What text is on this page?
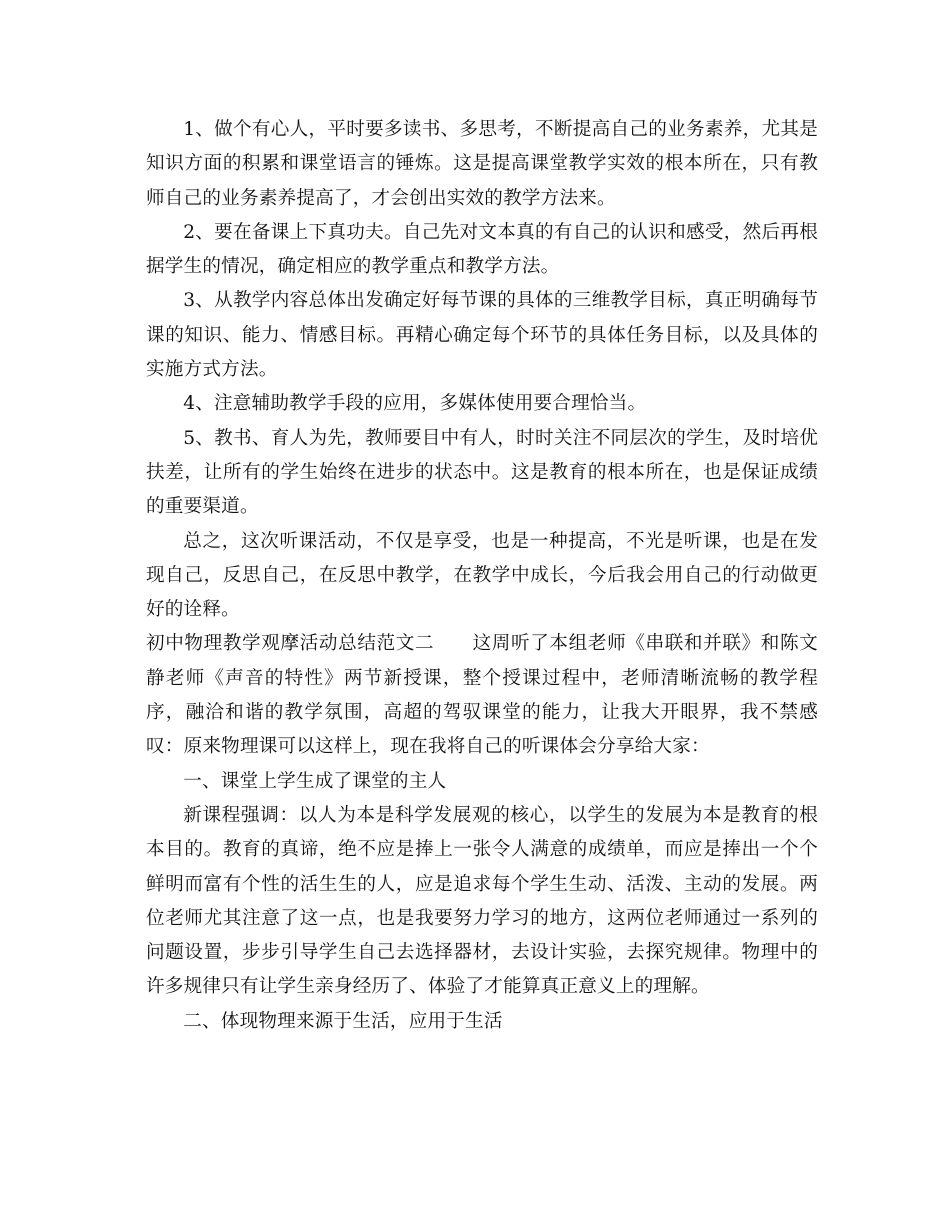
1、做个有心人，平时要多读书、多思考，不断提高自己的业务素养，尤其是知识方面的积累和课堂语言的锤炼。这是提高课堂教学实效的根本所在，只有教师自己的业务素养提高了，才会创出实效的教学方法来。

2、要在备课上下真功夫。自己先对文本真的有自己的认识和感受，然后再根据学生的情况，确定相应的教学重点和教学方法。

3、从教学内容总体出发确定好每节课的具体的三维教学目标，真正明确每节课的知识、能力、情感目标。再精心确定每个环节的具体任务目标，以及具体的实施方式方法。

4、注意辅助教学手段的应用，多媒体使用要合理恰当。

5、教书、育人为先，教师要目中有人，时时关注不同层次的学生，及时培优扶差，让所有的学生始终在进步的状态中。这是教育的根本所在，也是保证成绩的重要渠道。

总之，这次听课活动，不仅是享受，也是一种提高，不光是听课，也是在发现自己，反思自己，在反思中教学，在教学中成长，今后我会用自己的行动做更好的诠释。

初中物理教学观摩活动总结范文二 这周听了本组老师《串联和并联》和陈文静老师《声音的特性》两节新授课，整个授课过程中，老师清晰流畅的教学程序，融洽和谐的教学氛围，高超的驾驭课堂的能力，让我大开眼界，我不禁感叹：原来物理课可以这样上，现在我将自己的听课体会分享给大家：

一、课堂上学生成了课堂的主人

新课程强调：以人为本是科学发展观的核心，以学生的发展为本是教育的根本目的。教育的真谛，绝不应是捧上一张令人满意的成绩单，而应是捧出一个个鲜明而富有个性的活生生的人，应是追求每个学生生动、活泼、主动的发展。两位老师尤其注意了这一点，也是我要努力学习的地方，这两位老师通过一系列的问题设置，步步引导学生自己去选择器材，去设计实验，去探究规律。物理中的许多规律只有让学生亲身经历了、体验了才能算真正意义上的理解。

二、体现物理来源于生活，应用于生活
